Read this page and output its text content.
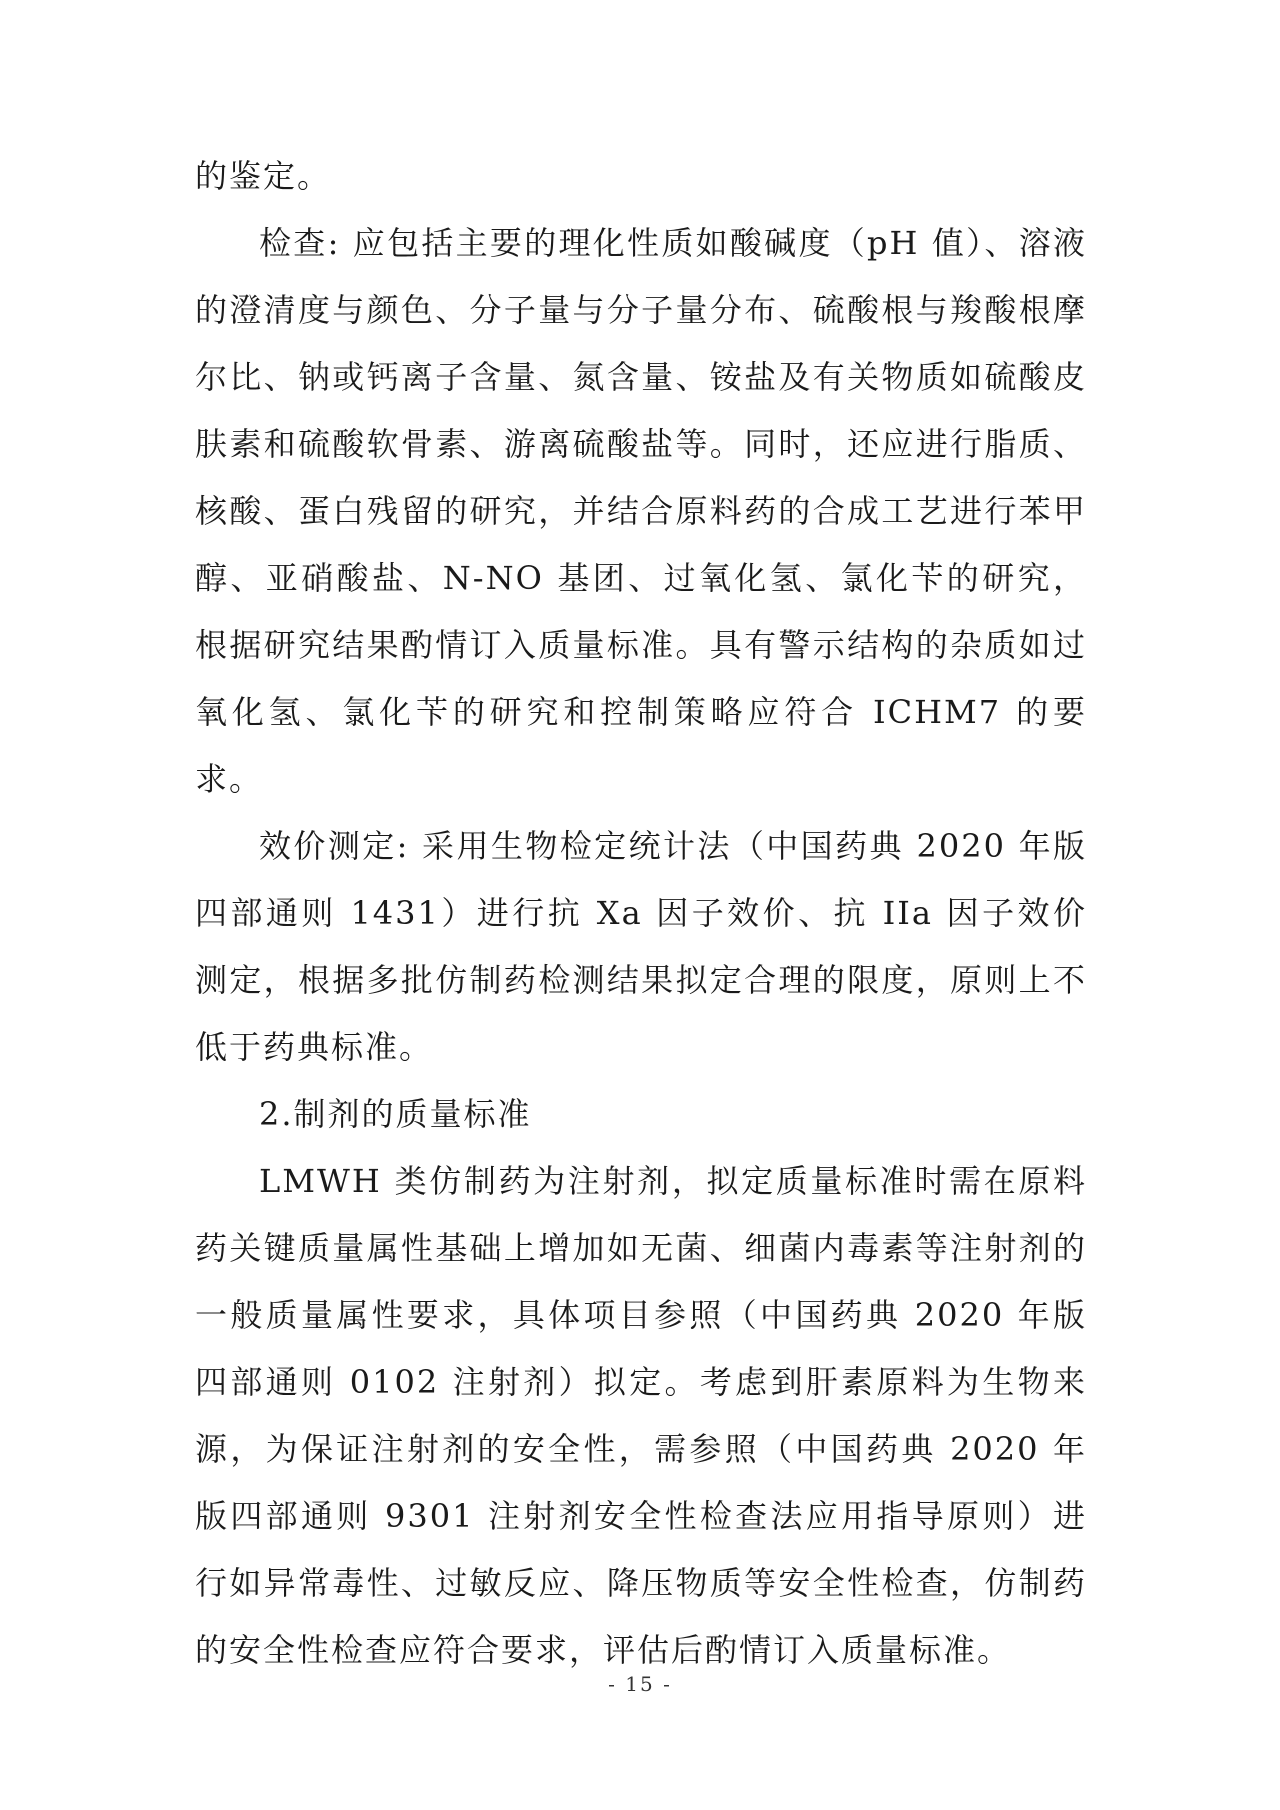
的鉴定。

检查: 应包括主要的理化性质如酸碱度（pH 值）、溶液的澄清度与颜色、分子量与分子量分布、硫酸根与羧酸根摩尔比、钠或钙离子含量、氮含量、铵盐及有关物质如硫酸皮肤素和硫酸软骨素、游离硫酸盐等。同时，还应进行脂质、核酸、蛋白残留的研究，并结合原料药的合成工艺进行苯甲醇、亚硝酸盐、N-NO 基团、过氧化氢、氯化苄的研究，根据研究结果酌情订入质量标准。具有警示结构的杂质如过氧化氢、氯化苄的研究和控制策略应符合 ICHM7 的要求。

效价测定: 采用生物检定统计法（中国药典 2020 年版四部通则 1431）进行抗 Xa 因子效价、抗 IIa 因子效价测定，根据多批仿制药检测结果拟定合理的限度，原则上不低于药典标准。

2.制剂的质量标准

LMWH 类仿制药为注射剂，拟定质量标准时需在原料药关键质量属性基础上增加如无菌、细菌内毒素等注射剂的一般质量属性要求，具体项目参照（中国药典 2020 年版四部通则 0102 注射剂）拟定。考虑到肝素原料为生物来源，为保证注射剂的安全性，需参照（中国药典 2020 年版四部通则 9301 注射剂安全性检查法应用指导原则）进行如异常毒性、过敏反应、降压物质等安全性检查，仿制药的安全性检查应符合要求，评估后酌情订入质量标准。

- 15 -
